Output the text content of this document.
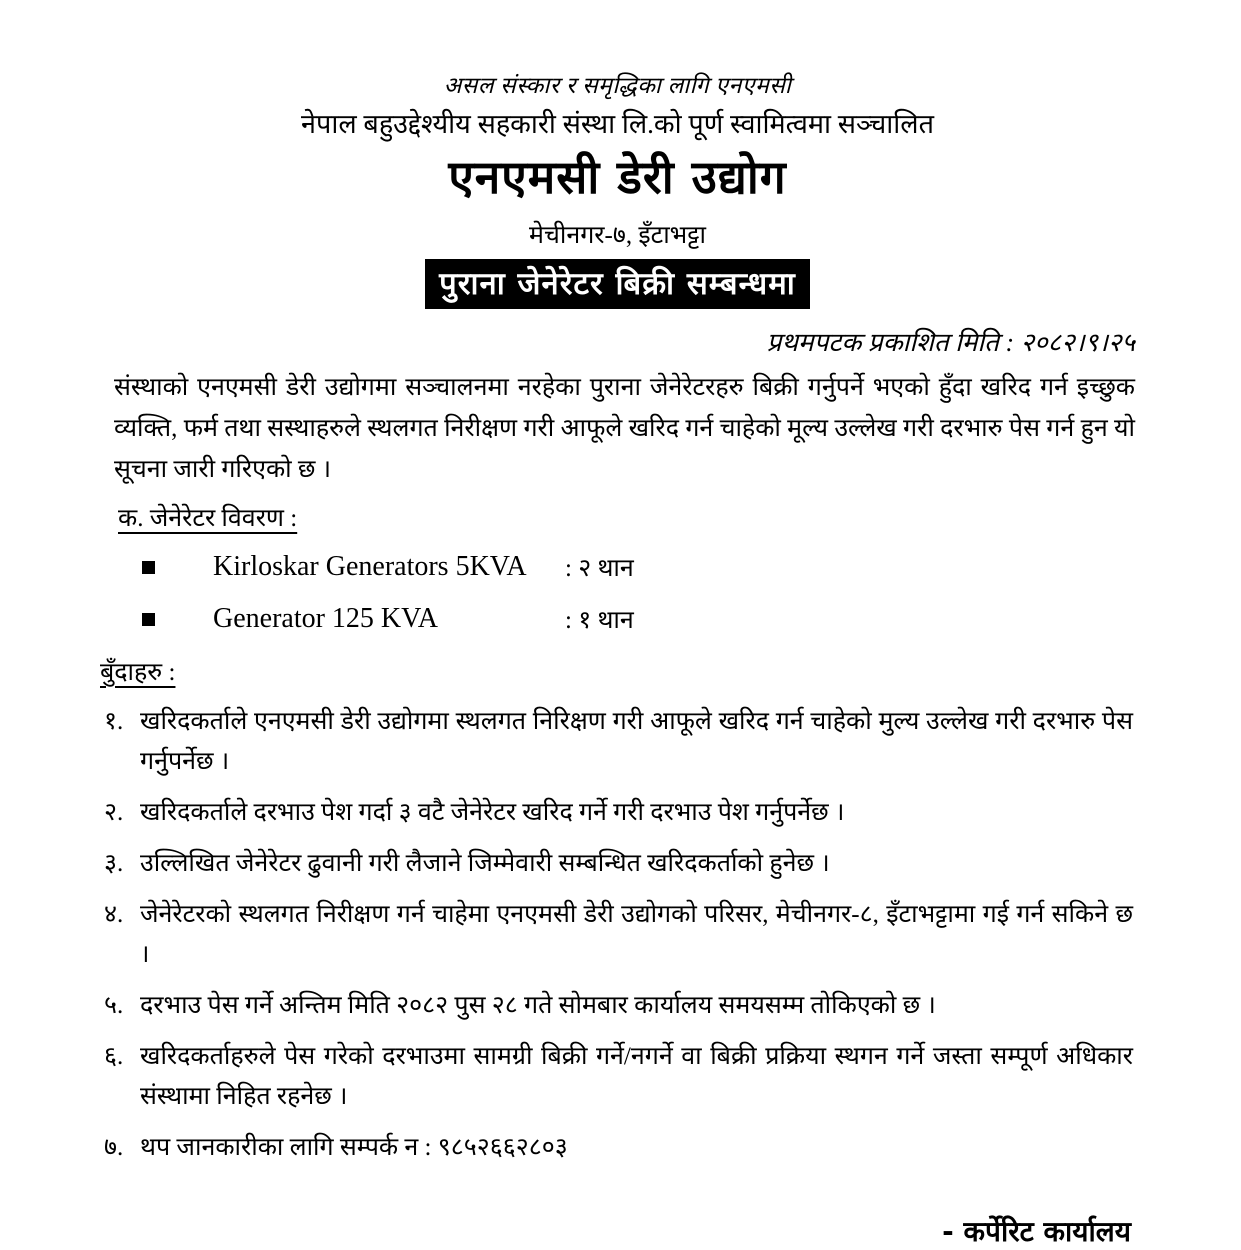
असल संस्कार र समृद्धिका लागि एनएमसी
नेपाल बहुउद्देश्यीय सहकारी संस्था लि.को पूर्ण स्वामित्वमा सञ्चालित
एनएमसी डेरी उद्योग
मेचीनगर-७, इँटाभट्टा
पुराना जेनेरेटर बिक्री सम्बन्धमा
प्रथमपटक प्रकाशित मिति : २०८२।९।२५
संस्थाको एनएमसी डेरी उद्योगमा सञ्चालनमा नरहेका पुराना जेनेरेटरहरु बिक्री गर्नुपर्ने भएको हुँदा खरिद गर्न इच्छुक व्यक्ति, फर्म तथा सस्थाहरुले स्थलगत निरीक्षण गरी आफूले खरिद गर्न चाहेको मूल्य उल्लेख गरी दरभारु पेस गर्न हुन यो सूचना जारी गरिएको छ ।
क. जेनेरेटर विवरण :
Kirloskar Generators 5KVA	: २ थान
Generator 125 KVA	: १ थान
बुँदाहरु :
१. खरिदकर्ताले एनएमसी डेरी उद्योगमा स्थलगत निरिक्षण गरी आफूले खरिद गर्न चाहेको मुल्य उल्लेख गरी दरभारु पेस गर्नुपर्नेछ ।
२. खरिदकर्ताले दरभाउ पेश गर्दा ३ वटै जेनेरेटर खरिद गर्ने गरी दरभाउ पेश गर्नुपर्नेछ ।
३. उल्लिखित जेनेरेटर ढुवानी गरी लैजाने जिम्मेवारी सम्बन्धित खरिदकर्ताको हुनेछ ।
४. जेनेरेटरको स्थलगत निरीक्षण गर्न चाहेमा एनएमसी डेरी उद्योगको परिसर, मेचीनगर-८, इँटाभट्टामा गई गर्न सकिने छ ।
५. दरभाउ पेस गर्ने अन्तिम मिति २०८२ पुस २८ गते सोमबार कार्यालय समयसम्म तोकिएको छ ।
६. खरिदकर्ताहरुले पेस गरेको दरभाउमा सामग्री बिक्री गर्ने/नगर्ने वा बिक्री प्रक्रिया स्थगन गर्ने जस्ता सम्पूर्ण अधिकार संस्थामा निहित रहनेछ ।
७. थप जानकारीका लागि सम्पर्क न : ९८५२६६२८०३
- कर्पेरिट कार्यालय
